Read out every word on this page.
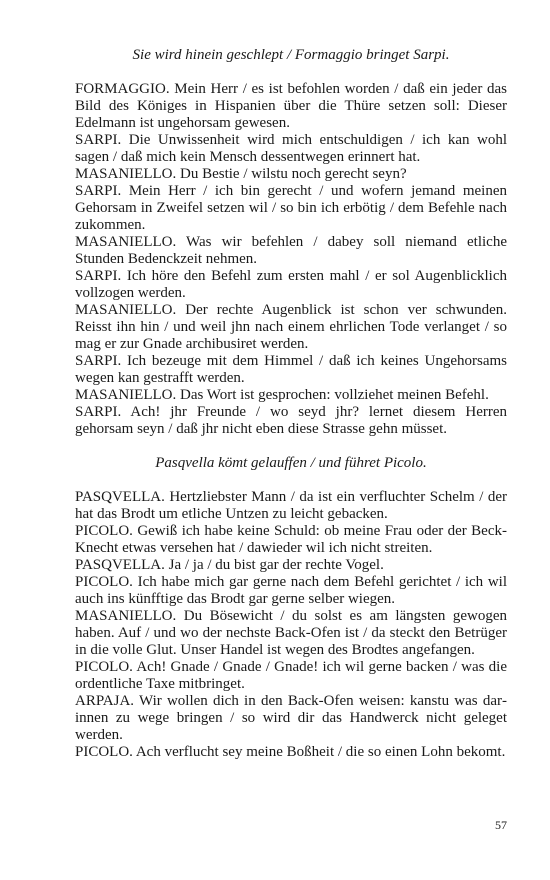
Sie wird hinein geschlept / Formaggio bringet Sarpi.

FORMAGGIO. Mein Herr / es ist befohlen worden / daß ein jeder das Bild des Königes in Hispanien über die Thüre setzen soll: Dieser Edelmann ist ungehorsam gewesen.

SARPI. Die Unwissenheit wird mich entschuldigen / ich kan wohl sagen / daß mich kein Mensch dessentwegen erinnert hat.

MASANIELLO. Du Bestie / wilstu noch gerecht seyn?

SARPI. Mein Herr / ich bin gerecht / und wofern jemand meinen Gehorsam in Zweifel setzen wil / so bin ich erbötig / dem Befehle nach zukommen.

MASANIELLO. Was wir befehlen / dabey soll niemand etliche Stunden Bedenckzeit nehmen.

SARPI. Ich höre den Befehl zum ersten mahl / er sol Augenblicklich vollzogen werden.

MASANIELLO. Der rechte Augenblick ist schon ver schwunden. Reisst ihn hin / und weil jhn nach einem ehrlichen Tode verlanget / so mag er zur Gnade archibusiret werden.

SARPI. Ich bezeuge mit dem Himmel / daß ich keines Ungehorsams wegen kan gestrafft werden.

MASANIELLO. Das Wort ist gesprochen: vollziehet meinen Befehl.

SARPI. Ach! jhr Freunde / wo seyd jhr? lernet diesem Herren gehorsam seyn / daß jhr nicht eben diese Strasse gehn müsset.

Pasqvella kömt gelauffen / und führet Picolo.

PASQVELLA. Hertzliebster Mann / da ist ein verfluchter Schelm / der hat das Brodt um etliche Untzen zu leicht gebacken.

PICOLO. Gewiß ich habe keine Schuld: ob meine Frau oder der Beck-Knecht etwas versehen hat / dawieder wil ich nicht streiten.

PASQVELLA. Ja / ja / du bist gar der rechte Vogel.

PICOLO. Ich habe mich gar gerne nach dem Befehl gerichtet / ich wil auch ins künfftige das Brodt gar gerne selber wiegen.

MASANIELLO. Du Bösewicht / du solst es am längsten gewogen haben. Auf / und wo der nechste Back-Ofen ist / da steckt den Betrüger in die volle Glut. Unser Handel ist wegen des Brodtes angefangen.

PICOLO. Ach! Gnade / Gnade / Gnade! ich wil gerne backen / was die ordentliche Taxe mitbringet.

ARPAJA. Wir wollen dich in den Back-Ofen weisen: kanstu was darinnen zu wege bringen / so wird dir das Handwerck nicht geleget werden.

PICOLO. Ach verflucht sey meine Boßheit / die so einen Lohn bekomt.

57
